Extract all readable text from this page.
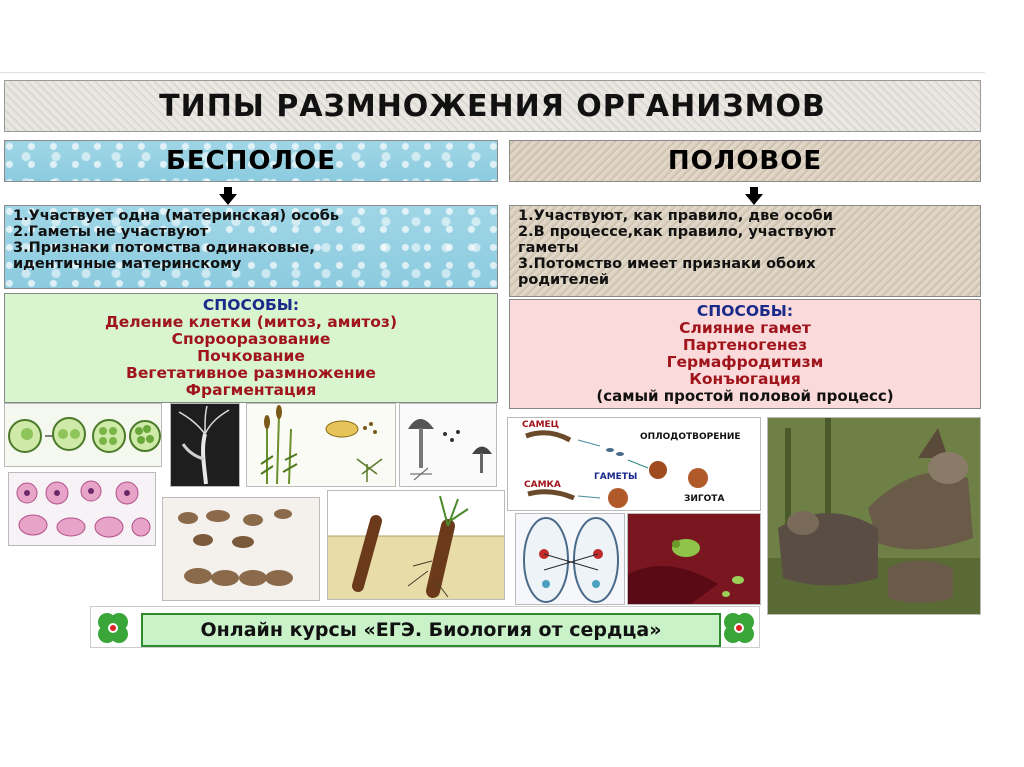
ТИПЫ РАЗМНОЖЕНИЯ ОРГАНИЗМОВ
БЕСПОЛОЕ	ПОЛОВОЕ
1.Участвует одна (материнская) особь
2.Гаметы не участвуют
3.Признаки потомства одинаковые,
идентичные материнскому
1.Участвуют, как правило, две особи
2.В процессе,как правило, участвуют
гаметы
3.Потомство имеет признаки обоих
родителей
СПОСОБЫ:
Деление клетки (митоз, амитоз)
Спорооразование
Почкование
Вегетативное размножение
Фрагментация
СПОСОБЫ:
Слияние гамет
Партеногенез
Гермафродитизм
Конъюгация
(самый простой половой процесс)
САМЕЦ
САМКА
ГАМЕТЫ
ОПЛОДОТВОРЕНИЕ
ЗИГОТА
Онлайн курсы «ЕГЭ. Биология от сердца»
